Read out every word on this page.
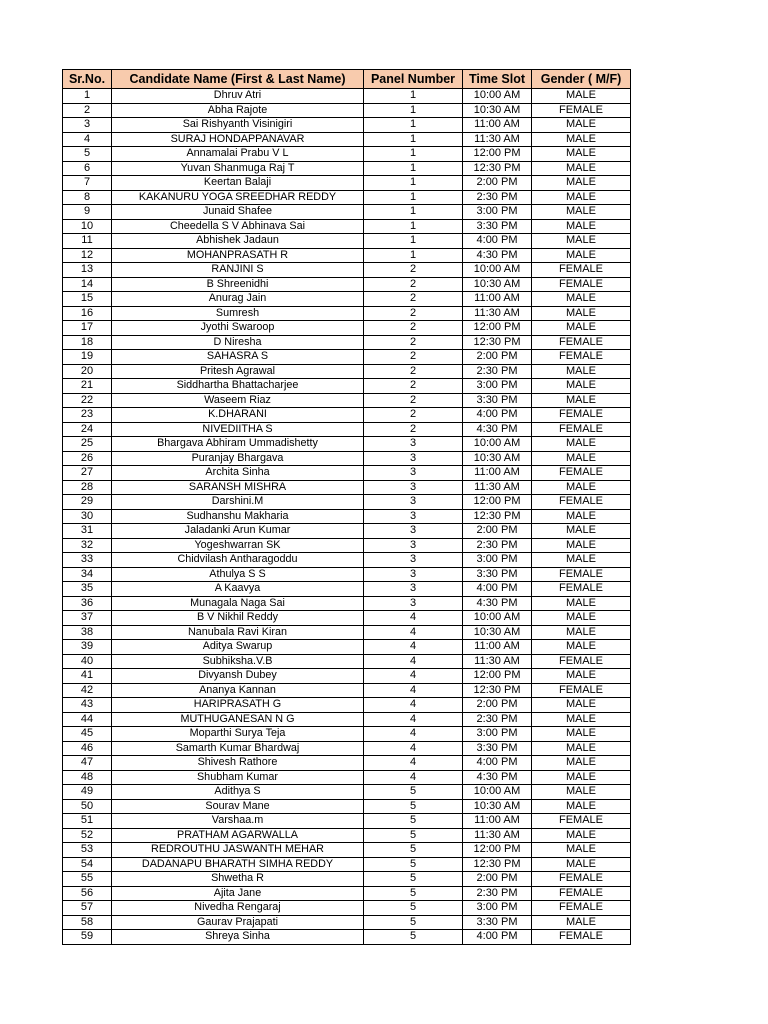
Sr.No.	Candidate Name (First & Last Name)	Panel Number	Time Slot	Gender ( M/F)
1	Dhruv Atri	1	10:00 AM	MALE
2	Abha Rajote	1	10:30 AM	FEMALE
3	Sai Rishyanth Visinigiri	1	11:00 AM	MALE
4	SURAJ HONDAPPANAVAR	1	11:30 AM	MALE
5	Annamalai Prabu V L	1	12:00 PM	MALE
6	Yuvan Shanmuga Raj T	1	12:30 PM	MALE
7	Keertan Balaji	1	2:00 PM	MALE
8	KAKANURU YOGA SREEDHAR REDDY	1	2:30 PM	MALE
9	Junaid Shafee	1	3:00 PM	MALE
10	Cheedella S V Abhinava Sai	1	3:30 PM	MALE
11	Abhishek Jadaun	1	4:00 PM	MALE
12	MOHANPRASATH R	1	4:30 PM	MALE
13	RANJINI S	2	10:00 AM	FEMALE
14	B Shreenidhi	2	10:30 AM	FEMALE
15	Anurag Jain	2	11:00 AM	MALE
16	Sumresh	2	11:30 AM	MALE
17	Jyothi Swaroop	2	12:00 PM	MALE
18	D Niresha	2	12:30 PM	FEMALE
19	SAHASRA S	2	2:00 PM	FEMALE
20	Pritesh Agrawal	2	2:30 PM	MALE
21	Siddhartha Bhattacharjee	2	3:00 PM	MALE
22	Waseem Riaz	2	3:30 PM	MALE
23	K.DHARANI	2	4:00 PM	FEMALE
24	NIVEDIITHA S	2	4:30 PM	FEMALE
25	Bhargava Abhiram Ummadishetty	3	10:00 AM	MALE
26	Puranjay Bhargava	3	10:30 AM	MALE
27	Archita Sinha	3	11:00 AM	FEMALE
28	SARANSH MISHRA	3	11:30 AM	MALE
29	Darshini.M	3	12:00 PM	FEMALE
30	Sudhanshu Makharia	3	12:30 PM	MALE
31	Jaladanki Arun Kumar	3	2:00 PM	MALE
32	Yogeshwarran SK	3	2:30 PM	MALE
33	Chidvilash Antharagoddu	3	3:00 PM	MALE
34	Athulya S S	3	3:30 PM	FEMALE
35	A Kaavya	3	4:00 PM	FEMALE
36	Munagala Naga Sai	3	4:30 PM	MALE
37	B V Nikhil Reddy	4	10:00 AM	MALE
38	Nanubala Ravi Kiran	4	10:30 AM	MALE
39	Aditya Swarup	4	11:00 AM	MALE
40	Subhiksha.V.B	4	11:30 AM	FEMALE
41	Divyansh Dubey	4	12:00 PM	MALE
42	Ananya Kannan	4	12:30 PM	FEMALE
43	HARIPRASATH G	4	2:00 PM	MALE
44	MUTHUGANESAN N G	4	2:30 PM	MALE
45	Moparthi Surya Teja	4	3:00 PM	MALE
46	Samarth Kumar Bhardwaj	4	3:30 PM	MALE
47	Shivesh Rathore	4	4:00 PM	MALE
48	Shubham Kumar	4	4:30 PM	MALE
49	Adithya S	5	10:00 AM	MALE
50	Sourav Mane	5	10:30 AM	MALE
51	Varshaa.m	5	11:00 AM	FEMALE
52	PRATHAM AGARWALLA	5	11:30 AM	MALE
53	REDROUTHU JASWANTH MEHAR	5	12:00 PM	MALE
54	DADANAPU BHARATH SIMHA REDDY	5	12:30 PM	MALE
55	Shwetha R	5	2:00 PM	FEMALE
56	Ajita Jane	5	2:30 PM	FEMALE
57	Nivedha Rengaraj	5	3:00 PM	FEMALE
58	Gaurav Prajapati	5	3:30 PM	MALE
59	Shreya Sinha	5	4:00 PM	FEMALE
